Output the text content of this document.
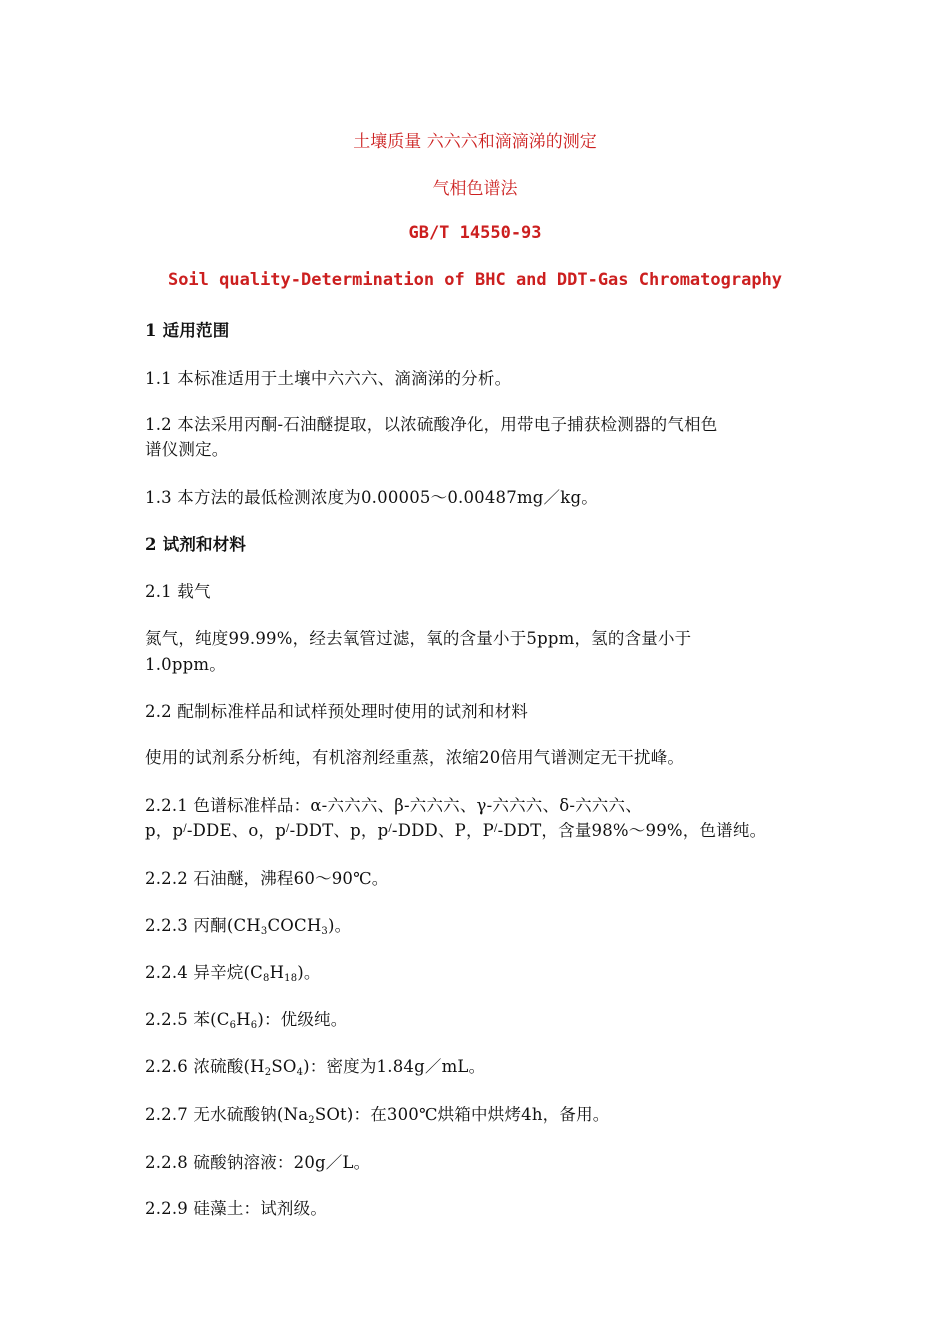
土壤质量 六六六和滴滴涕的测定
气相色谱法
GB/T 14550-93
Soil quality-Determination of BHC and DDT-Gas Chromatography
1 适用范围
1.1 本标准适用于土壤中六六六、滴滴涕的分析。
1.2 本法采用丙酮-石油醚提取，以浓硫酸净化，用带电子捕获检测器的气相色
谱仪测定。
1.3 本方法的最低检测浓度为0.00005～0.00487mg／kg。
2 试剂和材料
2.1 载气
氮气，纯度99.99%，经去氧管过滤，氧的含量小于5ppm，氢的含量小于
1.0ppm。
2.2 配制标准样品和试样预处理时使用的试剂和材料
使用的试剂系分析纯，有机溶剂经重蒸，浓缩20倍用气谱测定无干扰峰。
2.2.1 色谱标准样品：α-六六六、β-六六六、γ-六六六、δ-六六六、
p，p/-DDE、o，p/-DDT、p，p/-DDD、P，P/-DDT，含量98%～99%，色谱纯。
2.2.2 石油醚，沸程60～90℃。
2.2.3 丙酮$(CH_3COCH_3)$。
2.2.4 异辛烷$(C_8H_{18})$。
2.2.5 苯$(C_6H_6)$：优级纯。
2.2.6 浓硫酸$(H_2SO_4)$：密度为1.84g／mL。
2.2.7 无水硫酸钠$(Na_2SOt)$：在300℃烘箱中烘烤4h，备用。
2.2.8 硫酸钠溶液：20g／L。
2.2.9 硅藻土：试剂级。
